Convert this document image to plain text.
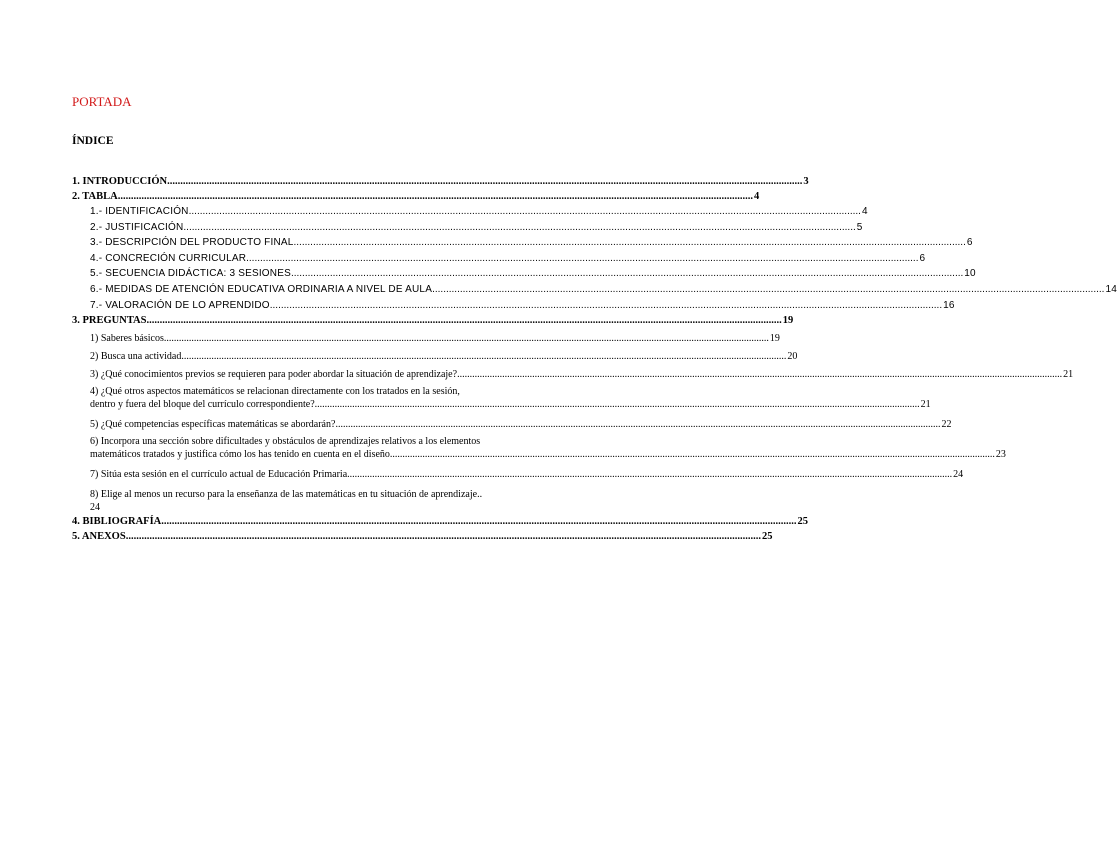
PORTADA
ÍNDICE
1. INTRODUCCIÓN .....	3
2. TABLA .....	4
1.- IDENTIFICACIÓN .....	4
2.- JUSTIFICACIÓN .....	5
3.- DESCRIPCIÓN DEL PRODUCTO FINAL .....	6
4.- CONCRECIÓN CURRICULAR .....	6
5.- SECUENCIA DIDÁCTICA: 3 SESIONES .....	10
6.- MEDIDAS DE ATENCIÓN EDUCATIVA ORDINARIA A NIVEL DE AULA .....	14
7.- VALORACIÓN DE LO APRENDIDO .....	16
3. PREGUNTAS .....	19
1) Saberes básicos .....	19
2) Busca una actividad .....	20
3) ¿Qué conocimientos previos se requieren para poder abordar la situación de aprendizaje? .....	21
4) ¿Qué otros aspectos matemáticos se relacionan directamente con los tratados en la sesión,
dentro y fuera del bloque del currículo correspondiente? .....	21
5) ¿Qué competencias específicas matemáticas se abordarán? .....	22
6) Incorpora una sección sobre dificultades y obstáculos de aprendizajes relativos a los elementos
matemáticos tratados y justifica cómo los has tenido en cuenta en el diseño .....	23
7) Sitúa esta sesión en el currículo actual de Educación Primaria .....	24
8) Elige al menos un recurso para la enseñanza de las matemáticas en tu situación de aprendizaje..
24
4. BIBLIOGRAFÍA .....	25
5. ANEXOS .....	25
